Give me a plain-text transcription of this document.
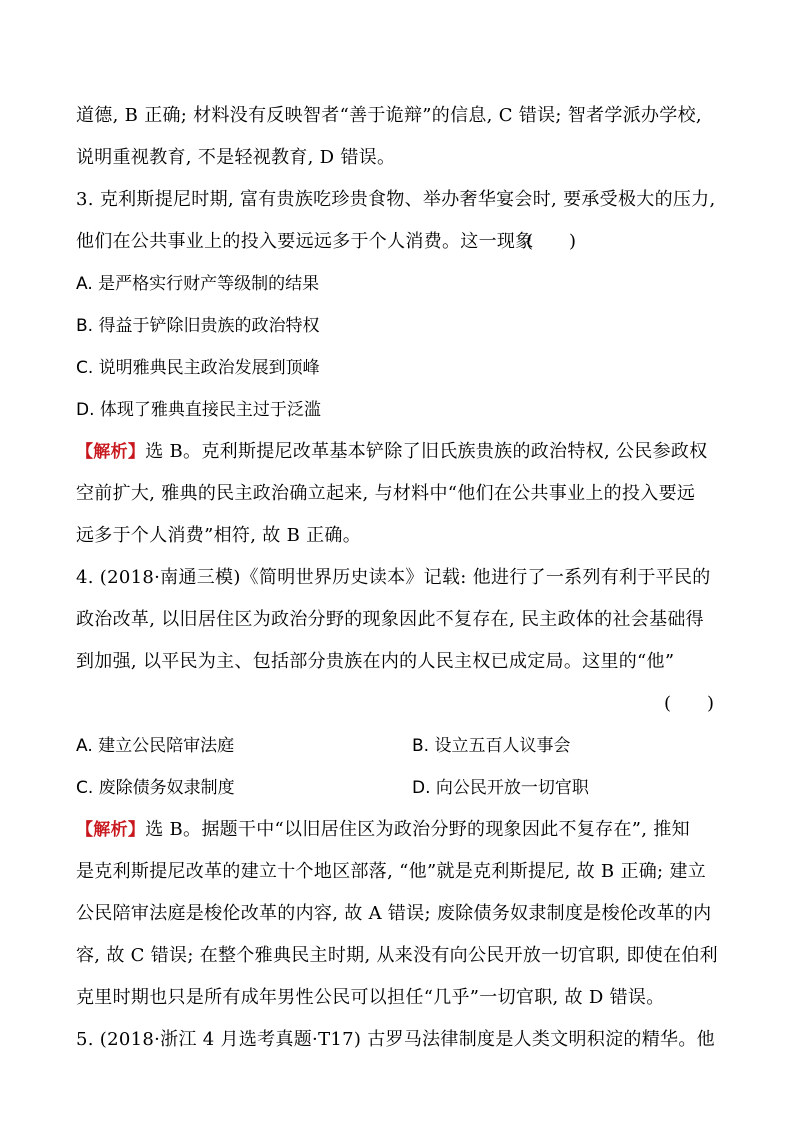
道德, B 正确; 材料没有反映智者“善于诡辩”的信息, C 错误; 智者学派办学校,
说明重视教育, 不是轻视教育, D 错误。
3. 克利斯提尼时期, 富有贵族吃珍贵食物、举办奢华宴会时, 要承受极大的压力,
他们在公共事业上的投入要远远多于个人消费。这一现象
(　　)
A. 是严格实行财产等级制的结果
B. 得益于铲除旧贵族的政治特权
C. 说明雅典民主政治发展到顶峰
D. 体现了雅典直接民主过于泛滥
【解析】选 B。克利斯提尼改革基本铲除了旧氏族贵族的政治特权, 公民参政权
空前扩大, 雅典的民主政治确立起来, 与材料中“他们在公共事业上的投入要远
远多于个人消费”相符, 故 B 正确。
4. (2018·南通三模)《简明世界历史读本》记载: 他进行了一系列有利于平民的
政治改革, 以旧居住区为政治分野的现象因此不复存在, 民主政体的社会基础得
到加强, 以平民为主、包括部分贵族在内的人民主权已成定局。这里的“他”
(　　)
A. 建立公民陪审法庭	B. 设立五百人议事会
C. 废除债务奴隶制度	D. 向公民开放一切官职
【解析】选 B。据题干中“以旧居住区为政治分野的现象因此不复存在”, 推知
是克利斯提尼改革的建立十个地区部落, “他”就是克利斯提尼, 故 B 正确; 建立
公民陪审法庭是梭伦改革的内容, 故 A 错误; 废除债务奴隶制度是梭伦改革的内
容, 故 C 错误; 在整个雅典民主时期, 从来没有向公民开放一切官职, 即使在伯利
克里时期也只是所有成年男性公民可以担任“几乎”一切官职, 故 D 错误。
5. (2018·浙江 4 月选考真题·T17) 古罗马法律制度是人类文明积淀的精华。他
